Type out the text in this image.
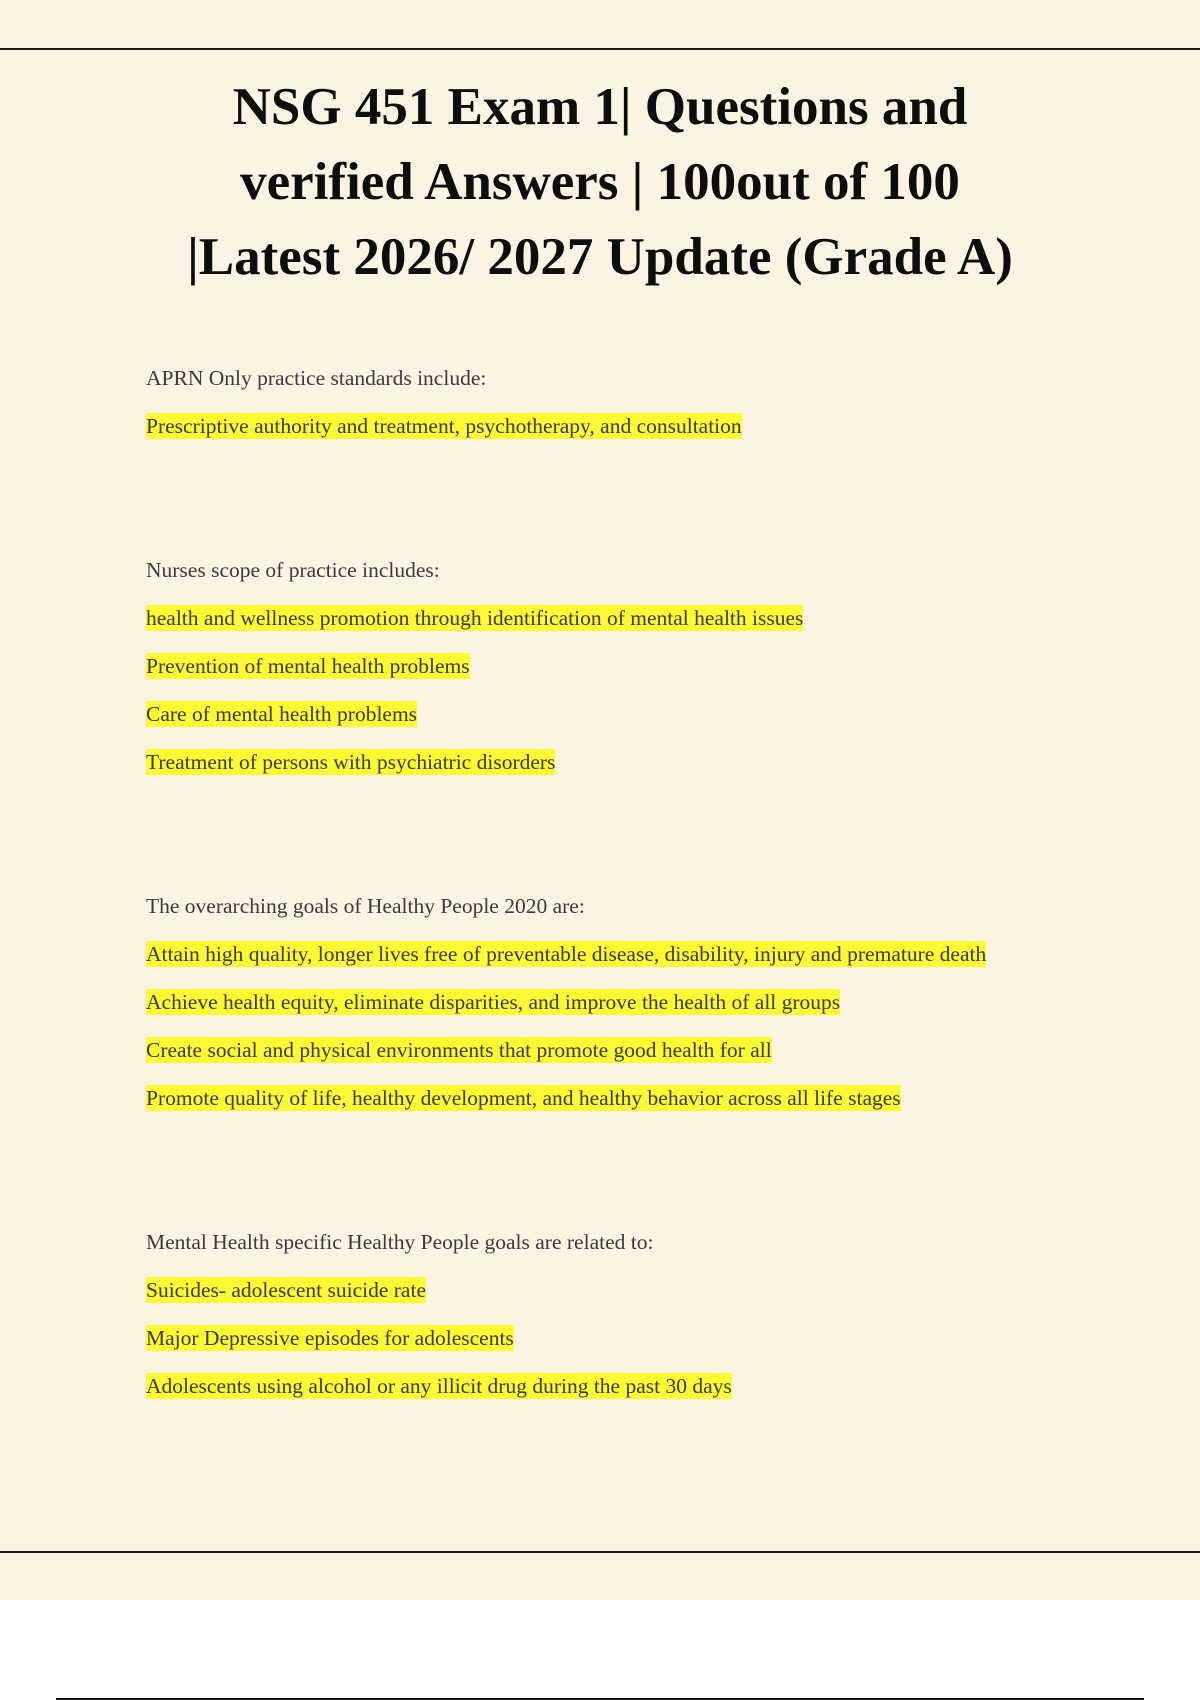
NSG 451 Exam 1| Questions and
verified Answers | 100out of 100
|Latest 2026/ 2027 Update (Grade A)

APRN Only practice standards include:

Prescriptive authority and treatment, psychotherapy, and consultation

Nurses scope of practice includes:

health and wellness promotion through identification of mental health issues

Prevention of mental health problems

Care of mental health problems

Treatment of persons with psychiatric disorders

The overarching goals of Healthy People 2020 are:

Attain high quality, longer lives free of preventable disease, disability, injury and premature death

Achieve health equity, eliminate disparities, and improve the health of all groups

Create social and physical environments that promote good health for all

Promote quality of life, healthy development, and healthy behavior across all life stages

Mental Health specific Healthy People goals are related to:

Suicides- adolescent suicide rate

Major Depressive episodes for adolescents

Adolescents using alcohol or any illicit drug during the past 30 days
